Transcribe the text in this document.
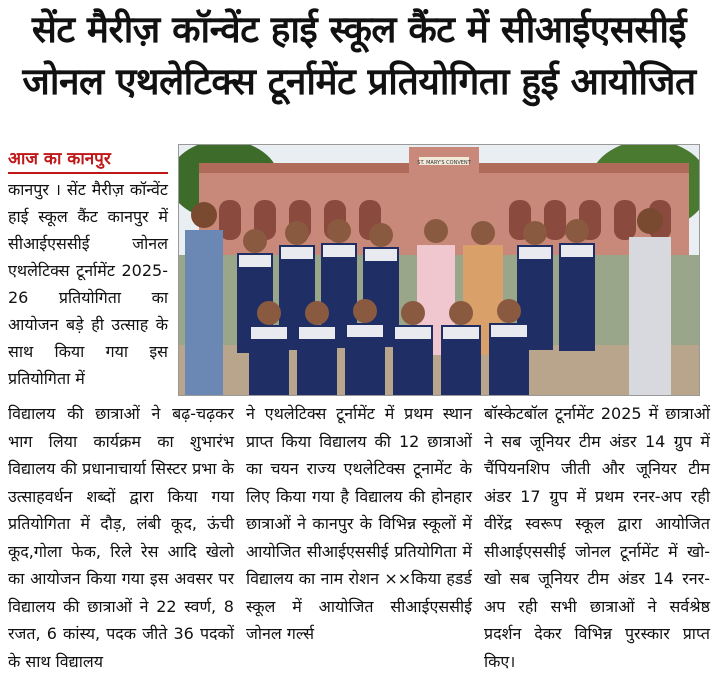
सेंट मैरीज़ कॉन्वेंट हाई स्कूल कैंट में सीआईएससीई
जोनल एथलेटिक्स टूर्नामेंट प्रतियोगिता हुई आयोजित
आज का कानपुर
कानपुर । सेंट मैरीज़ कॉन्वेंट हाई स्कूल कैंट कानपुर में सीआईएससीई जोनल एथलेटिक्स टूर्नामेंट 2025-26 प्रतियोगिता का आयोजन बड़े ही उत्साह के साथ किया गया इस प्रतियोगिता में
ST. MARY'S CONVENT

विद्यालय की छात्राओं ने बढ़-चढ़कर भाग लिया कार्यक्रम का शुभारंभ विद्यालय की प्रधानाचार्या सिस्टर प्रभा के उत्साहवर्धन शब्दों द्वारा किया गया प्रतियोगिता में दौड़, लंबी कूद, ऊंची कूद,गोला फेक, रिले रेस आदि खेलो का आयोजन किया गया इस अवसर पर विद्यालय की छात्राओं ने 22 स्वर्ण, 8 रजत, 6 कांस्य, पदक जीते 36 पदकों के साथ विद्यालय

ने एथलेटिक्स टूर्नामेंट में प्रथम स्थान प्राप्त किया विद्यालय की 12 छात्राओं का चयन राज्य एथलेटिक्स टूनामेंट के लिए किया गया है विद्यालय की होनहार छात्राओं ने कानपुर के विभिन्न स्कूलों में आयोजित सीआईएससीई प्रतियोगिता में विद्यालय का नाम रोशन ××किया हडर्ड स्कूल में आयोजित सीआईएससीई जोनल गर्ल्स

बॉस्केटबॉल टूर्नामेंट 2025 में छात्राओं ने सब जूनियर टीम अंडर 14 ग्रुप में चैंपियनशिप जीती और जूनियर टीम अंडर 17 ग्रुप में प्रथम रनर-अप रही वीरेंद्र स्वरूप स्कूल द्वारा आयोजित सीआईएससीई जोनल टूर्नामेंट में खो-खो सब जूनियर टीम अंडर 14 रनर-अप रही सभी छात्राओं ने सर्वश्रेष्ठ प्रदर्शन देकर विभिन्न पुरस्कार प्राप्त किए।
